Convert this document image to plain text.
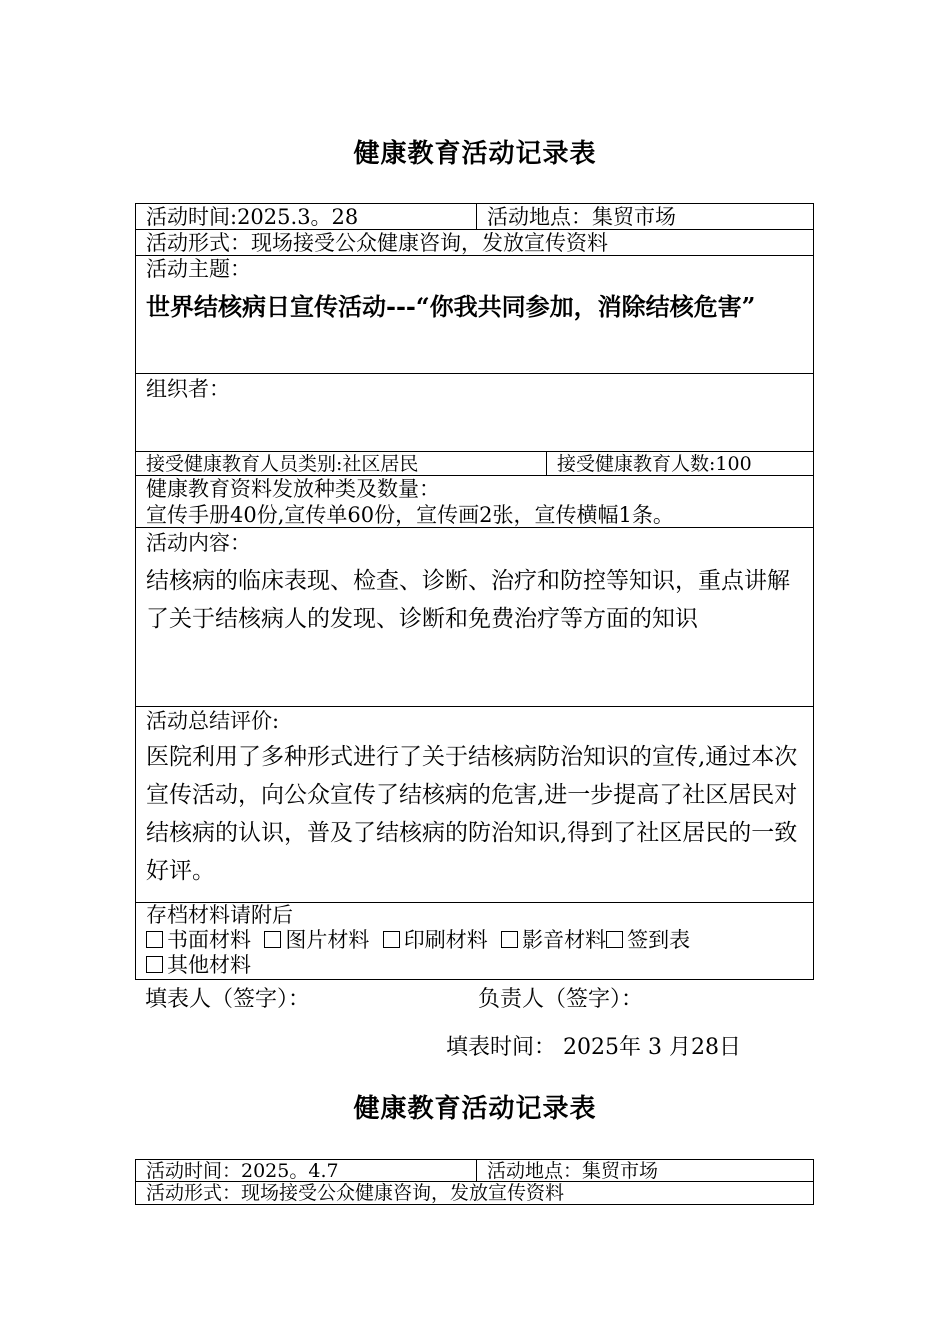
健康教育活动记录表
活动时间:2025.3。28	活动地点：集贸市场
活动形式：现场接受公众健康咨询，发放宣传资料
活动主题：
世界结核病日宣传活动---“你我共同参加，消除结核危害”
组织者：
接受健康教育人员类别:社区居民	接受健康教育人数:100
健康教育资料发放种类及数量：
宣传手册40份,宣传单60份，宣传画2张，宣传横幅1条。
活动内容：
结核病的临床表现、检查、诊断、治疗和防控等知识，重点讲解了关于结核病人的发现、诊断和免费治疗等方面的知识
活动总结评价:
医院利用了多种形式进行了关于结核病防治知识的宣传,通过本次宣传活动，向公众宣传了结核病的危害,进一步提高了社区居民对结核病的认识，普及了结核病的防治知识,得到了社区居民的一致好评。
存档材料请附后
书面材料 图片材料 印刷材料 影音材料 签到表
其他材料
填表人（签字）：	负责人（签字）：
填表时间： 2025年 3 月28日
健康教育活动记录表
活动时间：2025。4.7	活动地点：集贸市场
活动形式：现场接受公众健康咨询，发放宣传资料
